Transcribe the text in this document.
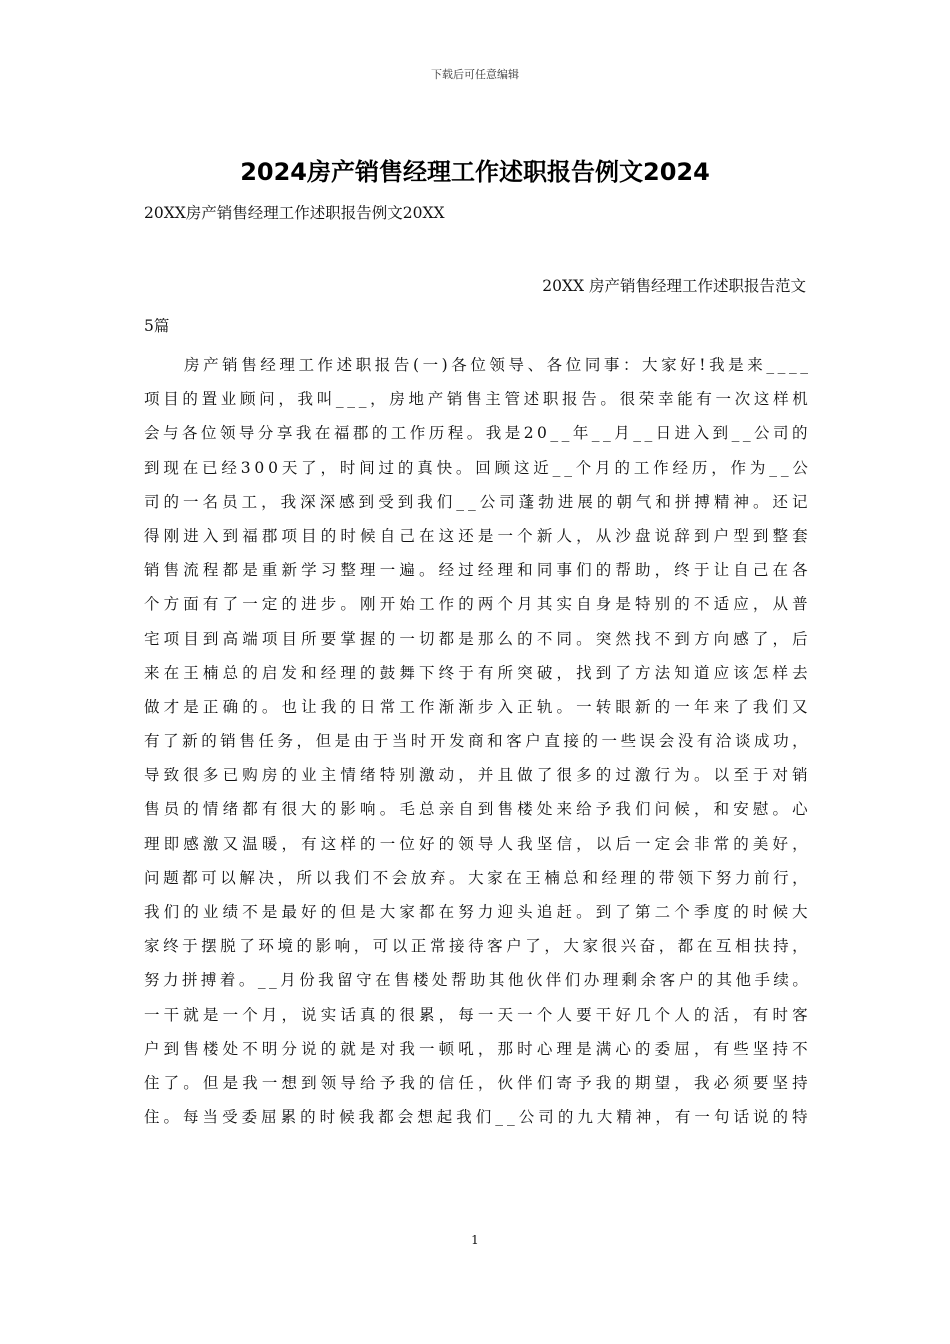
下载后可任意编辑
2024房产销售经理工作述职报告例文2024
20XX房产销售经理工作述职报告例文20XX
20XX 房产销售经理工作述职报告范文
5篇
房 产 销 售 经 理 工 作 述 职 报 告 ( 一 ) 各 位 领 导 、 各 位 同 事 ： 大 家 好 ! 我 是 来 _ _ _ _
项 目 的 置 业 顾 问 ， 我 叫 _ _ _ ， 房 地 产 销 售 主 管 述 职 报 告 。 很 荣 幸 能 有 一 次 这 样 机
会 与 各 位 领 导 分 享 我 在 福 郡 的 工 作 历 程 。 我 是 2 0 _ _ 年 _ _ 月 _ _ 日 进 入 到 _ _ 公 司 的
到 现 在 已 经 3 0 0 天 了 ， 时 间 过 的 真 快 。 回 顾 这 近 _ _ 个 月 的 工 作 经 历 ， 作 为 _ _ 公
司 的 一 名 员 工 ， 我 深 深 感 到 受 到 我 们 _ _ 公 司 蓬 勃 进 展 的 朝 气 和 拼 搏 精 神 。 还 记
得 刚 进 入 到 福 郡 项 目 的 时 候 自 己 在 这 还 是 一 个 新 人 ， 从 沙 盘 说 辞 到 户 型 到 整 套
销 售 流 程 都 是 重 新 学 习 整 理 一 遍 。 经 过 经 理 和 同 事 们 的 帮 助 ， 终 于 让 自 己 在 各
个 方 面 有 了 一 定 的 进 步 。 刚 开 始 工 作 的 两 个 月 其 实 自 身 是 特 别 的 不 适 应 ， 从 普
宅 项 目 到 高 端 项 目 所 要 掌 握 的 一 切 都 是 那 么 的 不 同 。 突 然 找 不 到 方 向 感 了 ， 后
来 在 王 楠 总 的 启 发 和 经 理 的 鼓 舞 下 终 于 有 所 突 破 ， 找 到 了 方 法 知 道 应 该 怎 样 去
做 才 是 正 确 的 。 也 让 我 的 日 常 工 作 渐 渐 步 入 正 轨 。 一 转 眼 新 的 一 年 来 了 我 们 又
有 了 新 的 销 售 任 务 ， 但 是 由 于 当 时 开 发 商 和 客 户 直 接 的 一 些 误 会 没 有 洽 谈 成 功 ，
导 致 很 多 已 购 房 的 业 主 情 绪 特 别 激 动 ， 并 且 做 了 很 多 的 过 激 行 为 。 以 至 于 对 销
售 员 的 情 绪 都 有 很 大 的 影 响 。 毛 总 亲 自 到 售 楼 处 来 给 予 我 们 问 候 ， 和 安 慰 。 心
理 即 感 激 又 温 暖 ， 有 这 样 的 一 位 好 的 领 导 人 我 坚 信 ， 以 后 一 定 会 非 常 的 美 好 ，
问 题 都 可 以 解 决 ， 所 以 我 们 不 会 放 弃 。 大 家 在 王 楠 总 和 经 理 的 带 领 下 努 力 前 行 ，
我 们 的 业 绩 不 是 最 好 的 但 是 大 家 都 在 努 力 迎 头 追 赶 。 到 了 第 二 个 季 度 的 时 候 大
家 终 于 摆 脱 了 环 境 的 影 响 ， 可 以 正 常 接 待 客 户 了 ， 大 家 很 兴 奋 ， 都 在 互 相 扶 持 ，
努 力 拼 搏 着 。 _ _ 月 份 我 留 守 在 售 楼 处 帮 助 其 他 伙 伴 们 办 理 剩 余 客 户 的 其 他 手 续 。
一 干 就 是 一 个 月 ， 说 实 话 真 的 很 累 ， 每 一 天 一 个 人 要 干 好 几 个 人 的 活 ， 有 时 客
户 到 售 楼 处 不 明 分 说 的 就 是 对 我 一 顿 吼 ， 那 时 心 理 是 满 心 的 委 屈 ， 有 些 坚 持 不
住 了 。 但 是 我 一 想 到 领 导 给 予 我 的 信 任 ， 伙 伴 们 寄 予 我 的 期 望 ， 我 必 须 要 坚 持
住 。 每 当 受 委 屈 累 的 时 候 我 都 会 想 起 我 们 _ _ 公 司 的 九 大 精 神 ， 有 一 句 话 说 的 特
1
